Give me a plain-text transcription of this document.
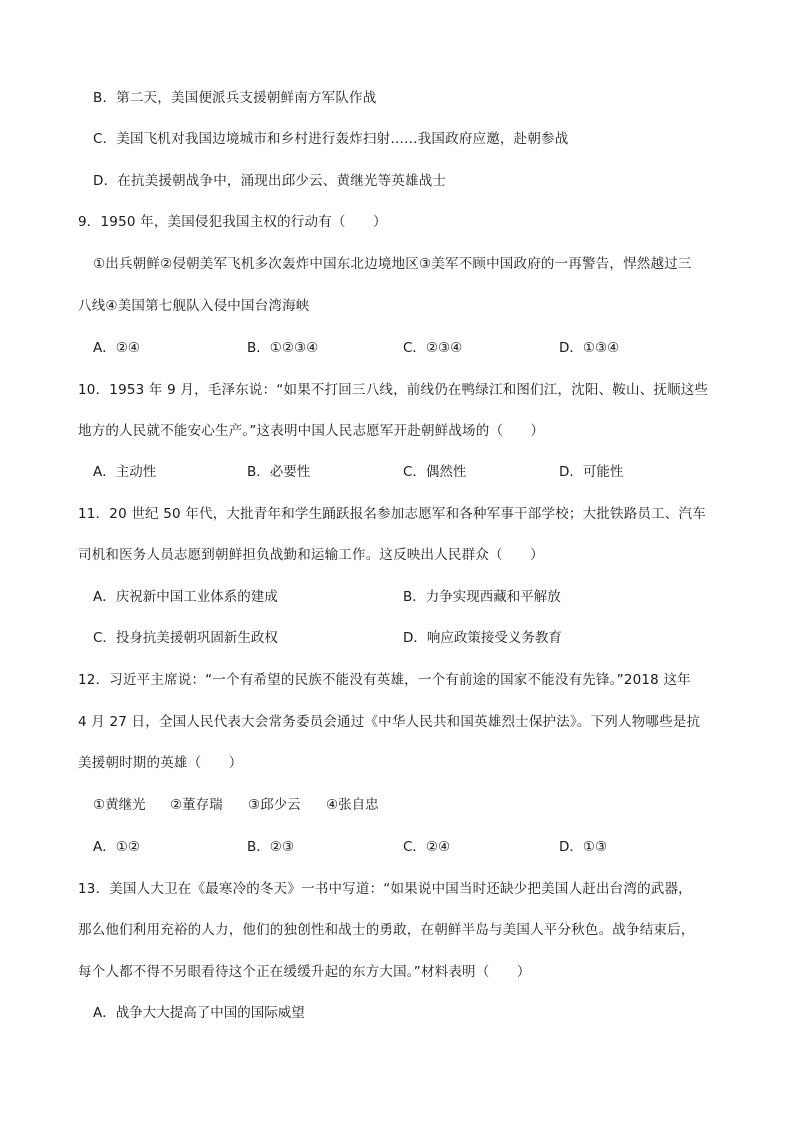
B．第二天，美国便派兵支援朝鲜南方军队作战
C．美国飞机对我国边境城市和乡村进行轰炸扫射……我国政府应邀，赴朝参战
D．在抗美援朝战争中，涌现出邱少云、黄继光等英雄战士
9．1950 年，美国侵犯我国主权的行动有（　　）
①出兵朝鲜②侵朝美军飞机多次轰炸中国东北边境地区③美军不顾中国政府的一再警告，悍然越过三
八线④美国第七舰队入侵中国台湾海峡
A．②④	B．①②③④	C．②③④	D．①③④
10．1953 年 9 月，毛泽东说：“如果不打回三八线，前线仍在鸭绿江和图们江，沈阳、鞍山、抚顺这些
地方的人民就不能安心生产。”这表明中国人民志愿军开赴朝鲜战场的（　　）
A．主动性	B．必要性	C．偶然性	D．可能性
11．20 世纪 50 年代，大批青年和学生踊跃报名参加志愿军和各种军事干部学校；大批铁路员工、汽车
司机和医务人员志愿到朝鲜担负战勤和运输工作。这反映出人民群众（　　）
A．庆祝新中国工业体系的建成	B．力争实现西藏和平解放
C．投身抗美援朝巩固新生政权	D．响应政策接受义务教育
12．习近平主席说：“一个有希望的民族不能没有英雄，一个有前途的国家不能没有先锋。”2018 这年
4 月 27 日，全国人民代表大会常务委员会通过《中华人民共和国英雄烈士保护法》。下列人物哪些是抗
美援朝时期的英雄（　　）
①黄继光 ②董存瑞 ③邱少云 ④张自忠
A．①②	B．②③	C．②④	D．①③
13．美国人大卫在《最寒冷的冬天》一书中写道：“如果说中国当时还缺少把美国人赶出台湾的武器，
那么他们利用充裕的人力，他们的独创性和战士的勇敢，在朝鲜半岛与美国人平分秋色。战争结束后，
每个人都不得不另眼看待这个正在缓缓升起的东方大国。”材料表明（　　）
A．战争大大提高了中国的国际威望
